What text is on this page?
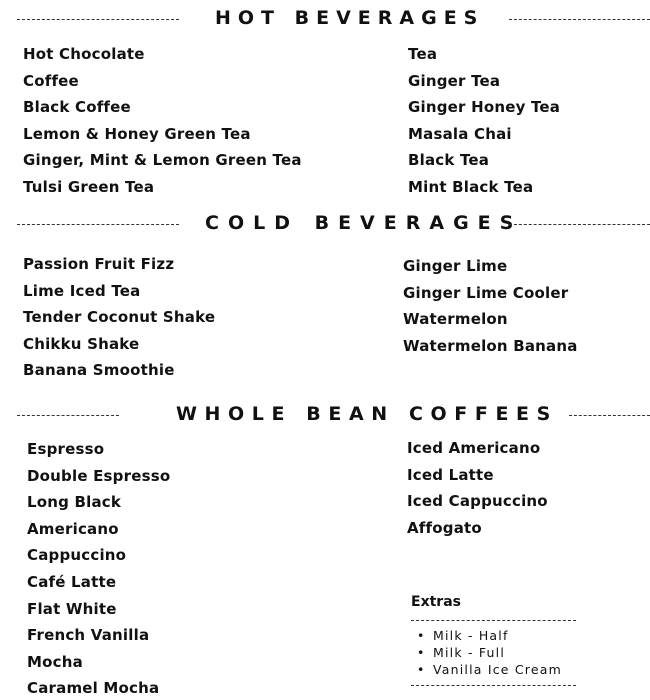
HOT BEVERAGES
Hot Chocolate
Coffee
Black Coffee
Lemon & Honey Green Tea
Ginger, Mint & Lemon Green Tea
Tulsi Green Tea
Tea
Ginger Tea
Ginger Honey Tea
Masala Chai
Black Tea
Mint Black Tea
COLD BEVERAGES
Passion Fruit Fizz
Lime Iced Tea
Tender Coconut Shake
Chikku Shake
Banana Smoothie
Ginger Lime
Ginger Lime Cooler
Watermelon
Watermelon Banana
WHOLE BEAN COFFEES
Espresso
Double Espresso
Long Black
Americano
Cappuccino
Café Latte
Flat White
French Vanilla
Mocha
Caramel Mocha
Iced Americano
Iced Latte
Iced Cappuccino
Affogato
Extras
• Milk - Half
• Milk - Full
• Vanilla Ice Cream
